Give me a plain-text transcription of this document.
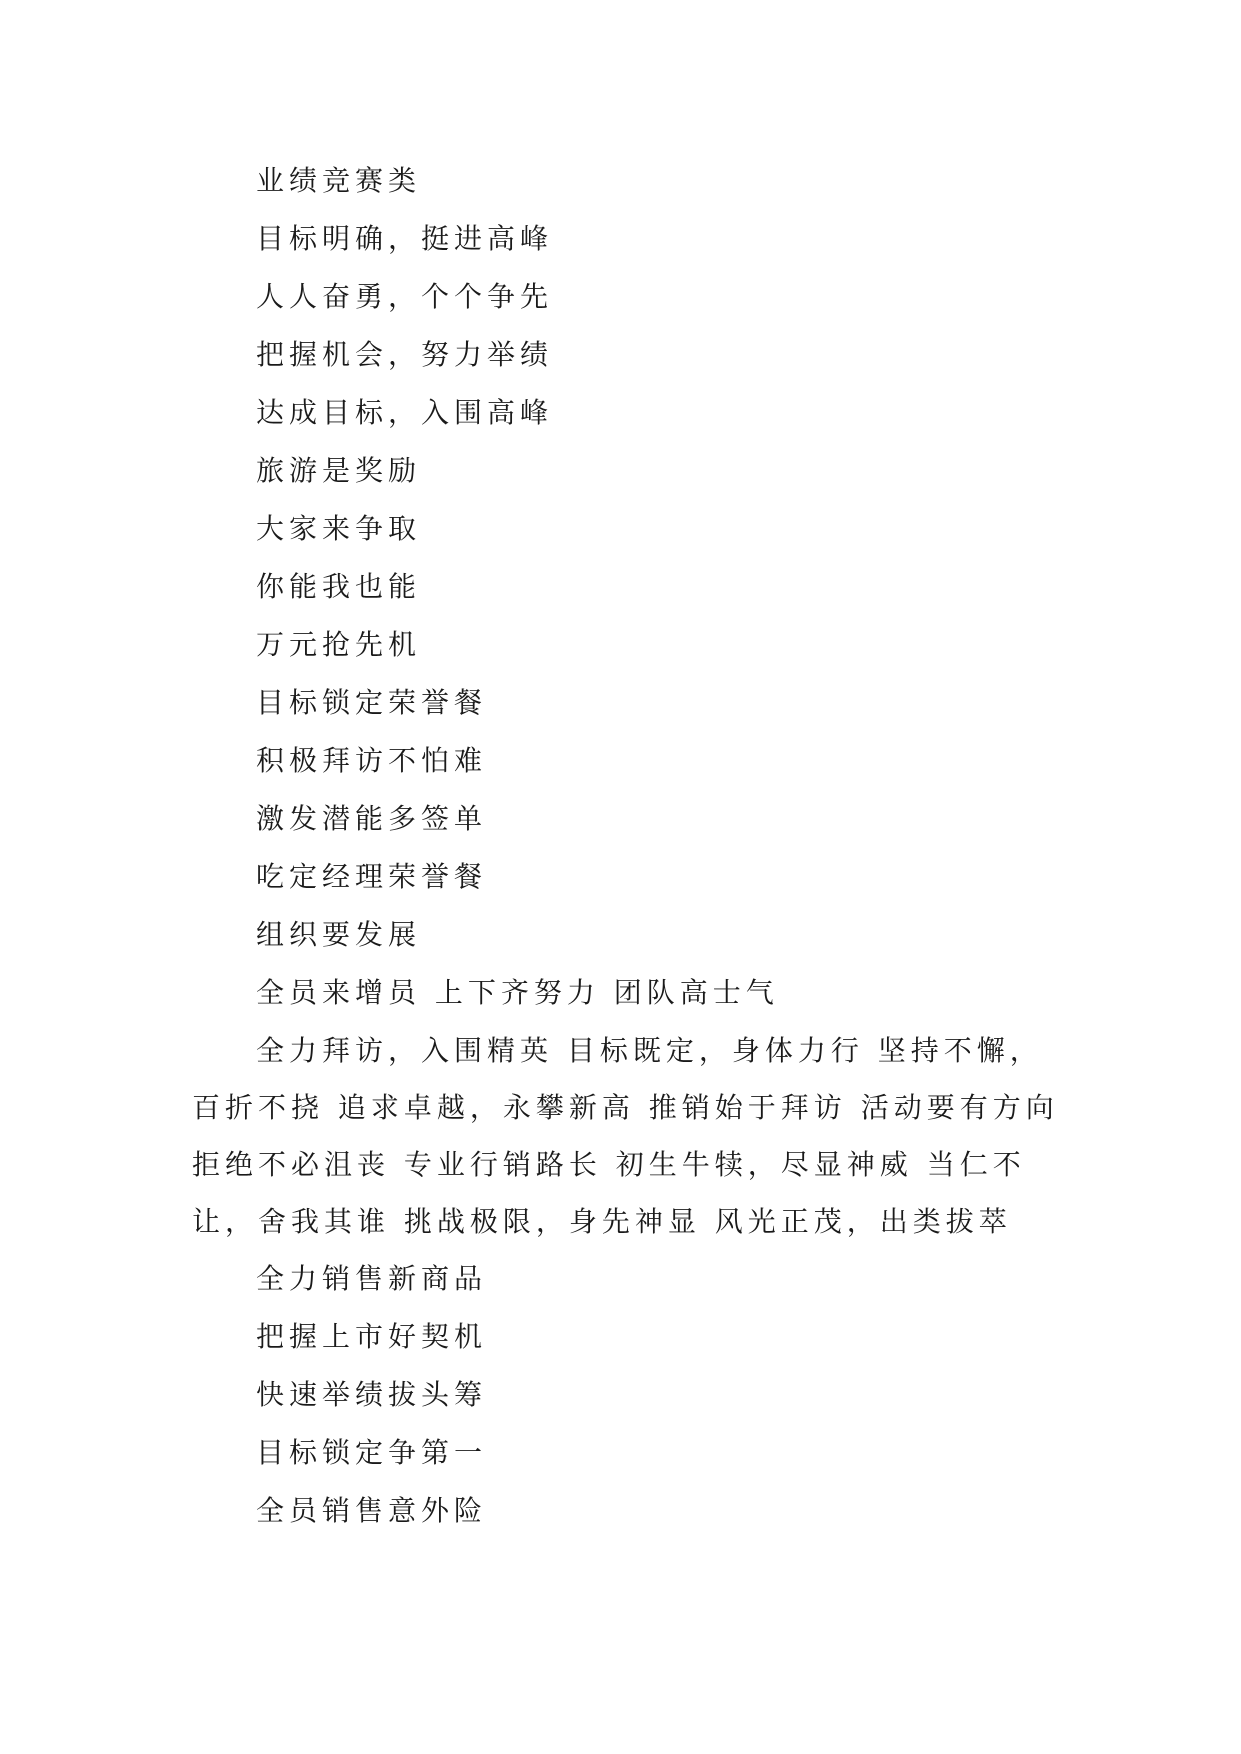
业绩竞赛类
目标明确，挺进高峰
人人奋勇，个个争先
把握机会，努力举绩
达成目标，入围高峰
旅游是奖励
大家来争取
你能我也能
万元抢先机
目标锁定荣誉餐
积极拜访不怕难
激发潜能多签单
吃定经理荣誉餐
组织要发展
全员来增员 上下齐努力 团队高士气

全力拜访，入围精英 目标既定，身体力行 坚持不懈，百折不挠 追求卓越，永攀新高 推销始于拜访 活动要有方向 拒绝不必沮丧 专业行销路长 初生牛犊，尽显神威 当仁不让，舍我其谁 挑战极限，身先神显 风光正茂，出类拔萃

全力销售新商品
把握上市好契机
快速举绩拔头筹
目标锁定争第一
全员销售意外险
